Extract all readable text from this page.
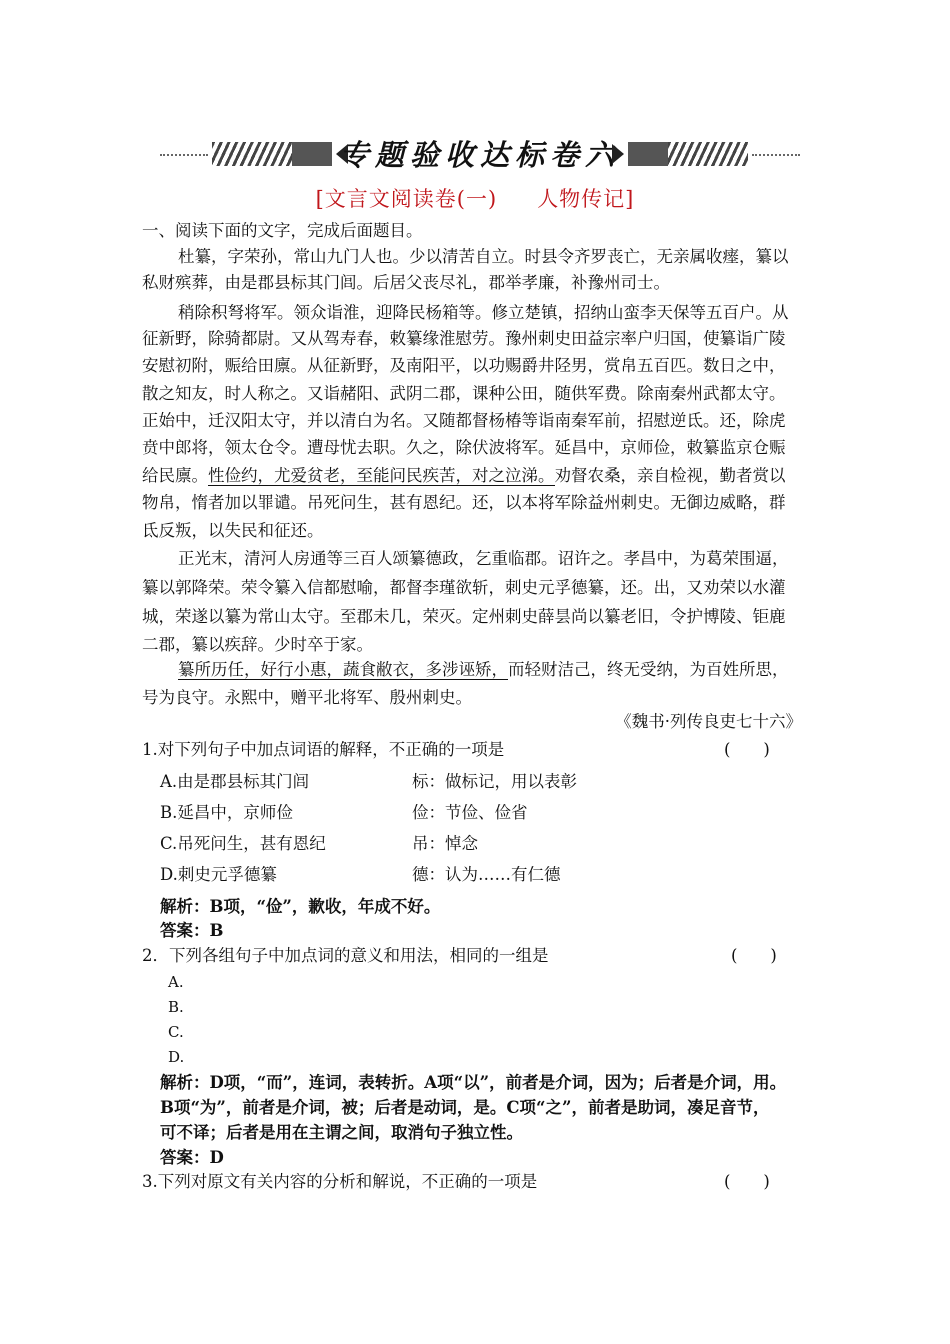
专题验收达标卷六
[文言文阅读卷(一) 人物传记]
一、阅读下面的文字，完成后面题目。
杜纂，字荣孙，常山九门人也。少以清苦自立。时县令齐罗丧亡，无亲属收瘗，纂以
私财殡葬，由是郡县标其门闾。后居父丧尽礼，郡举孝廉，补豫州司士。
稍除积弩将军。领众诣淮，迎降民杨箱等。修立楚镇，招纳山蛮李天保等五百户。从
征新野，除骑都尉。又从驾寿春，敕纂缘淮慰劳。豫州刺史田益宗率户归国，使纂诣广陵
安慰初附，赈给田廪。从征新野，及南阳平，以功赐爵井陉男，赏帛五百匹。数日之中，
散之知友，时人称之。又诣赭阳、武阴二郡，课种公田，随供军费。除南秦州武都太守。
正始中，迁汉阳太守，并以清白为名。又随都督杨椿等诣南秦军前，招慰逆氐。还，除虎
贲中郎将，领太仓令。遭母忧去职。久之，除伏波将军。延昌中，京师俭，敕纂监京仓赈
给民廪。性俭约，尤爱贫老，至能问民疾苦，对之泣涕。劝督农桑，亲自检视，勤者赏以
物帛，惰者加以罪谴。吊死问生，甚有恩纪。还，以本将军除益州刺史。无御边威略，群
氐反叛，以失民和征还。
正光末，清河人房通等三百人颂纂德政，乞重临郡。诏许之。孝昌中，为葛荣围逼，
纂以郭降荣。荣令纂入信都慰喻，都督李瑾欲斩，刺史元孚德纂，还。出，又劝荣以水灌
城，荣遂以纂为常山太守。至郡未几，荣灭。定州刺史薛昙尚以纂老旧，令护博陵、钜鹿
二郡，纂以疾辞。少时卒于家。
纂所历任，好行小惠，蔬食敝衣，多涉诬矫，而轻财洁己，终无受纳，为百姓所思，
号为良守。永熙中，赠平北将军、殷州刺史。
《魏书·列传良吏七十六》
1.对下列句子中加点词语的解释，不正确的一项是	(　　)
A.由是郡县标其门闾	标：做标记，用以表彰
B.延昌中，京师俭	俭：节俭、俭省
C.吊死问生，甚有恩纪	吊：悼念
D.刺史元孚德纂	德：认为……有仁德
解析：B项，“俭”，歉收，年成不好。
答案：B
2．下列各组句子中加点词的意义和用法，相同的一组是	(　　)
A.
B.
C.
D.
解析：D项，“而”，连词，表转折。A项“以”，前者是介词，因为；后者是介词，用。
B项“为”，前者是介词，被；后者是动词，是。C项“之”，前者是助词，凑足音节，
可不译；后者是用在主谓之间，取消句子独立性。
答案：D
3.下列对原文有关内容的分析和解说，不正确的一项是	(　　)
